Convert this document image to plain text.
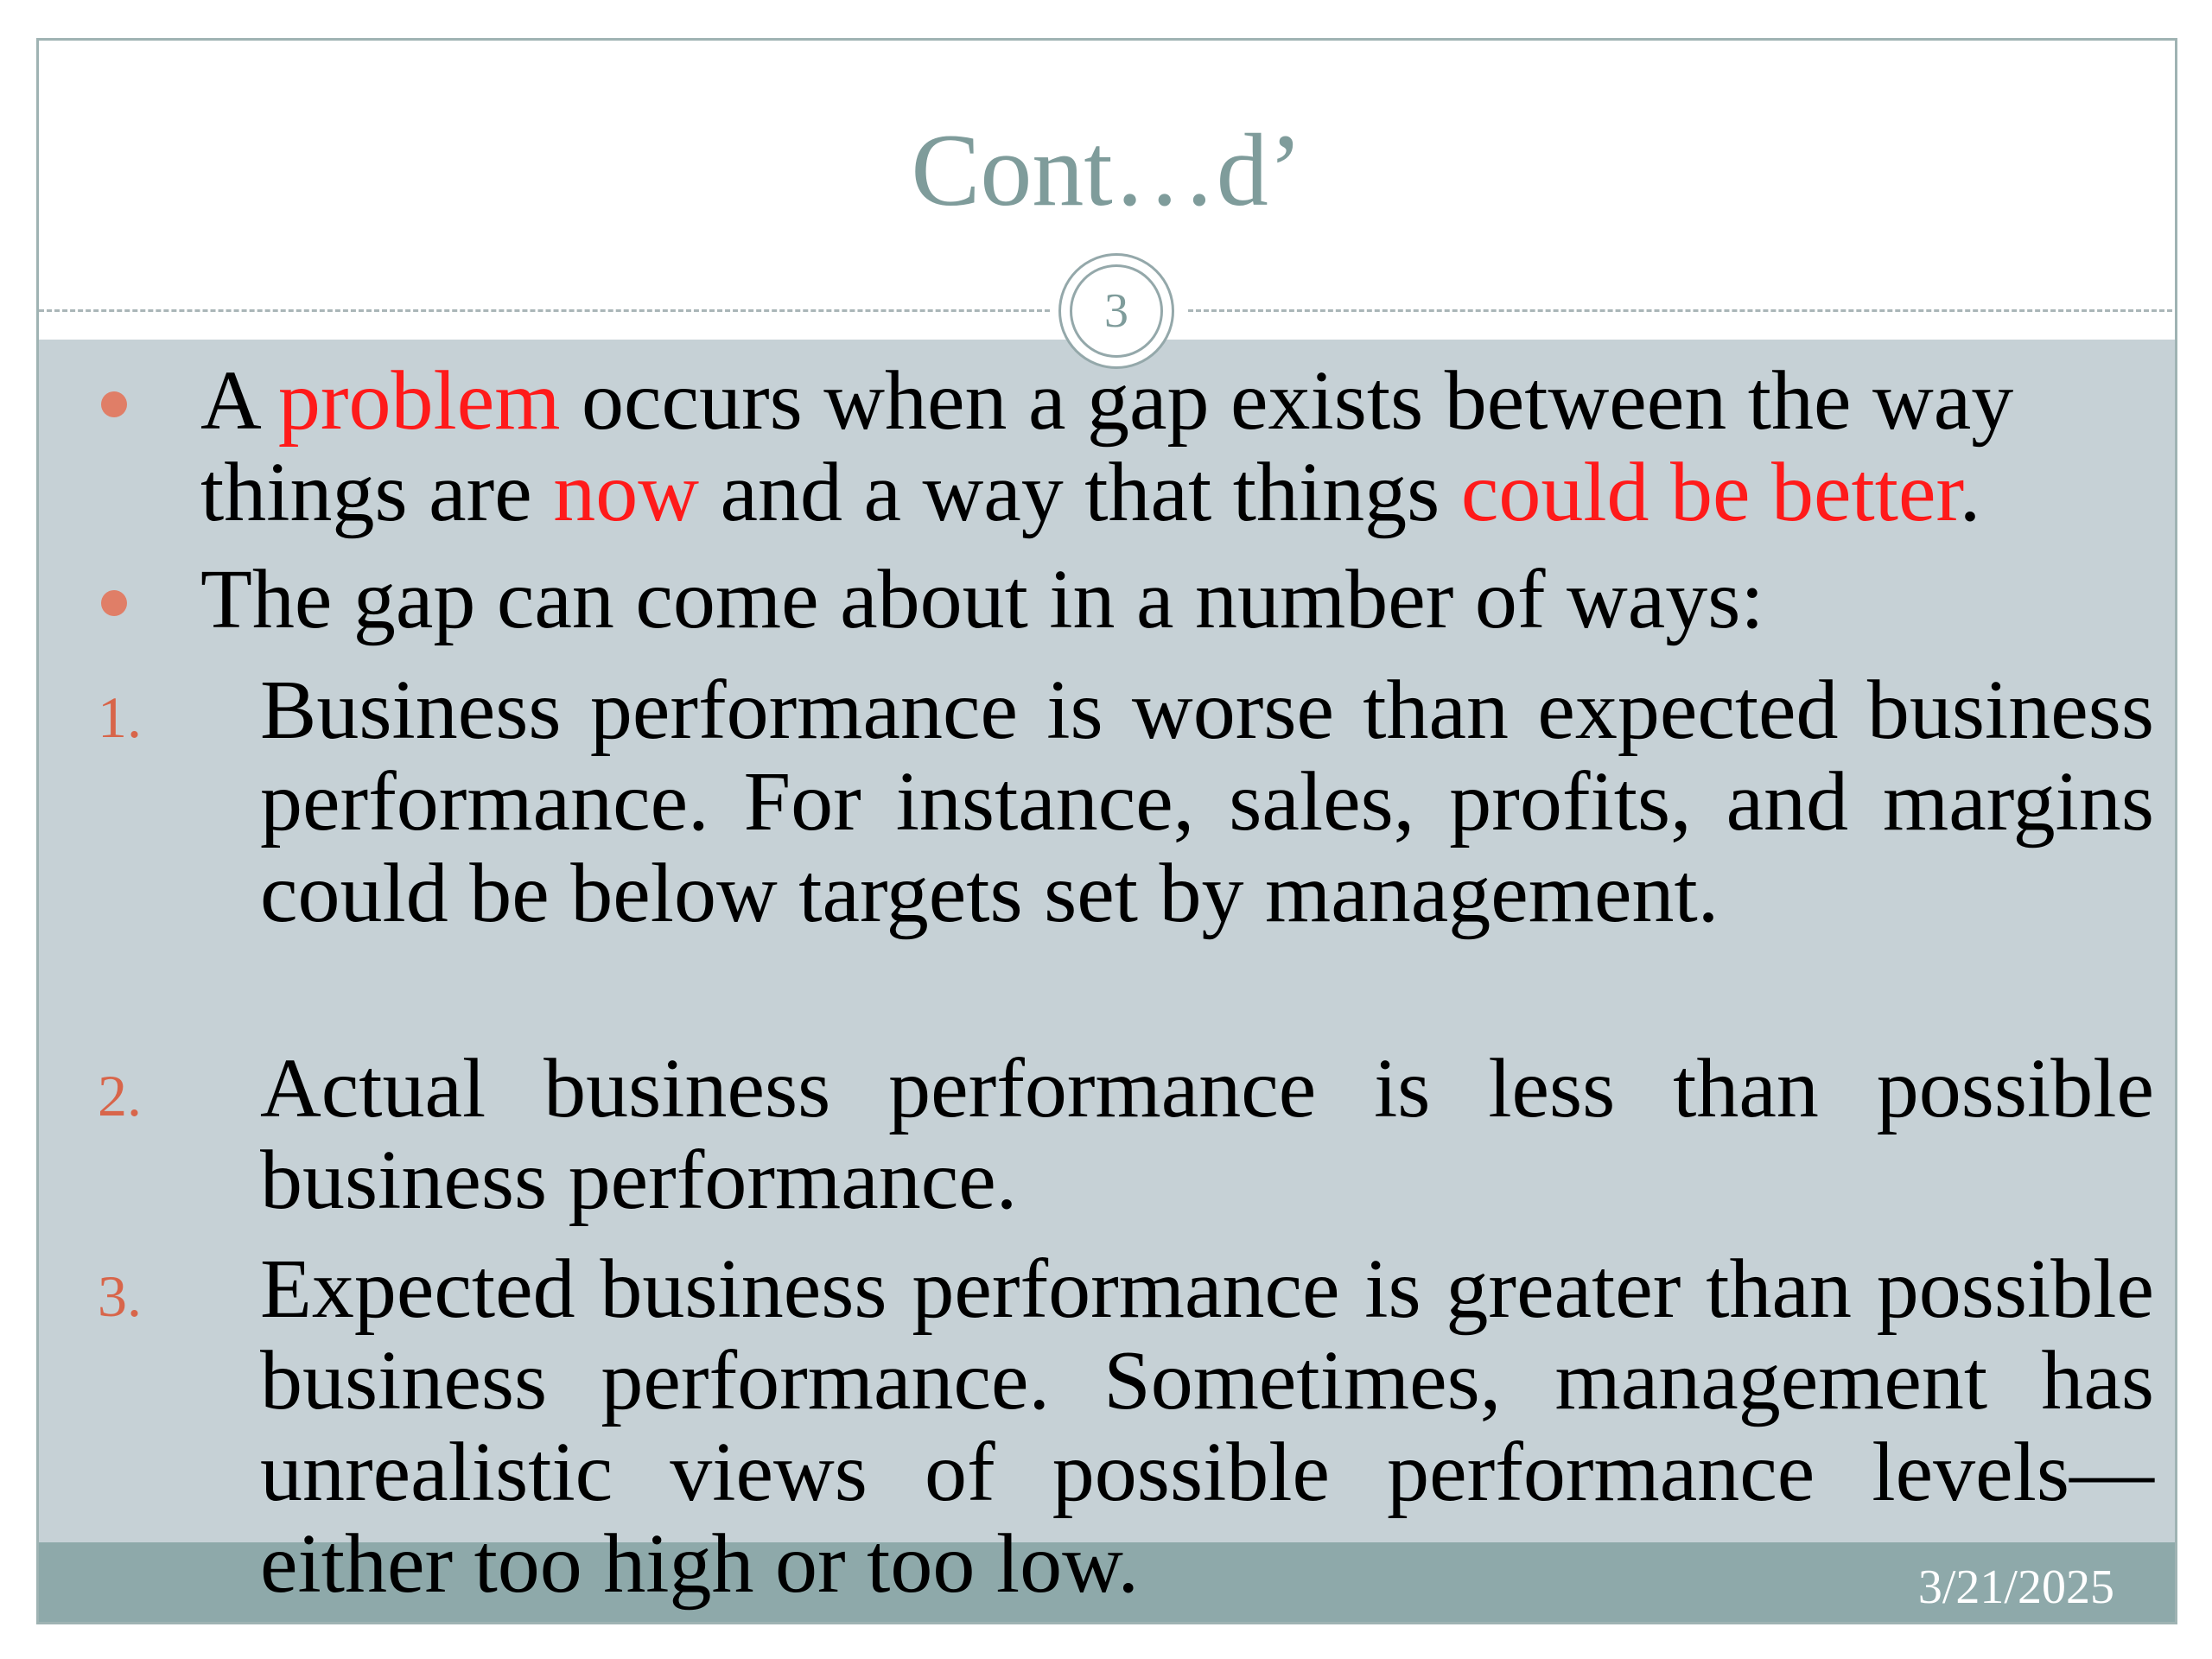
Cont…d’
3
A problem occurs when a gap exists between the way things are now and a way that things could be better.
The gap can come about in a number of ways:
1. Business performance is worse than expected business performance. For instance, sales, profits, and margins could be below targets set by management.
2. Actual business performance is less than possible business performance.
3. Expected business performance is greater than possible business performance. Sometimes, management has unrealistic views of possible performance levels—either too high or too low.	3/21/2025
